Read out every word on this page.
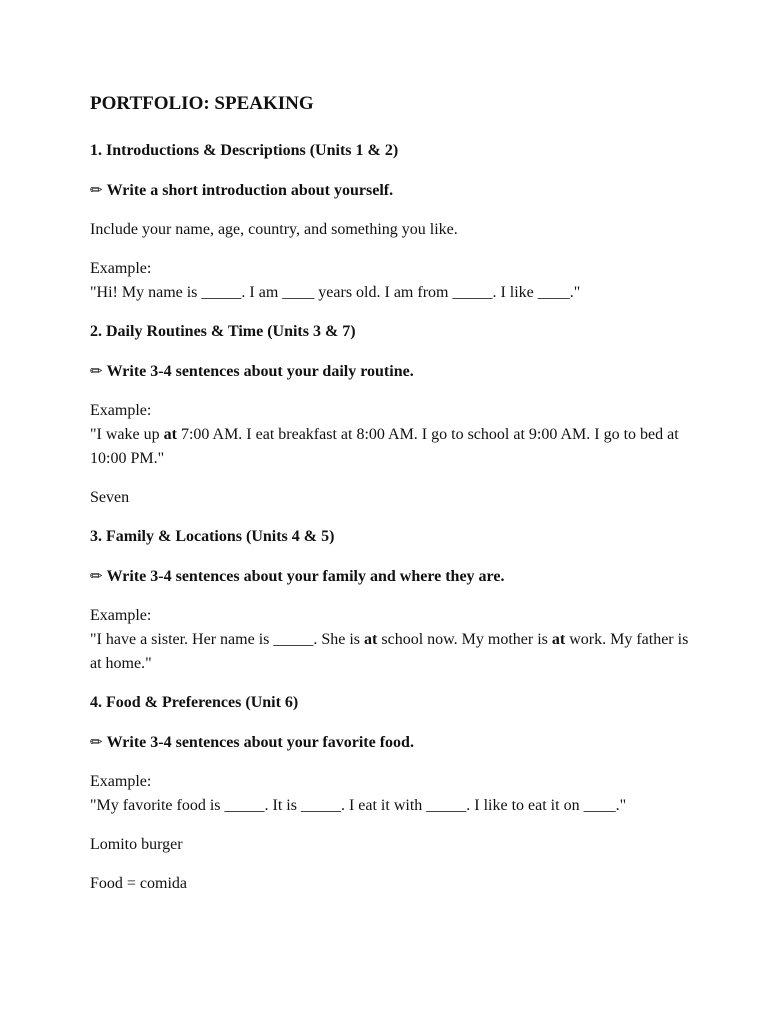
PORTFOLIO: SPEAKING
1. Introductions & Descriptions (Units 1 & 2)
✏ Write a short introduction about yourself.
Include your name, age, country, and something you like.
Example:
"Hi! My name is _____. I am ____ years old. I am from _____. I like ____."
2. Daily Routines & Time (Units 3 & 7)
✏ Write 3-4 sentences about your daily routine.
Example:
"I wake up at 7:00 AM. I eat breakfast at 8:00 AM. I go to school at 9:00 AM. I go to bed at 10:00 PM."
Seven
3. Family & Locations (Units 4 & 5)
✏ Write 3-4 sentences about your family and where they are.
Example:
"I have a sister. Her name is _____. She is at school now. My mother is at work. My father is at home."
4. Food & Preferences (Unit 6)
✏ Write 3-4 sentences about your favorite food.
Example:
"My favorite food is _____. It is _____. I eat it with _____. I like to eat it on ____."
Lomito burger
Food = comida
